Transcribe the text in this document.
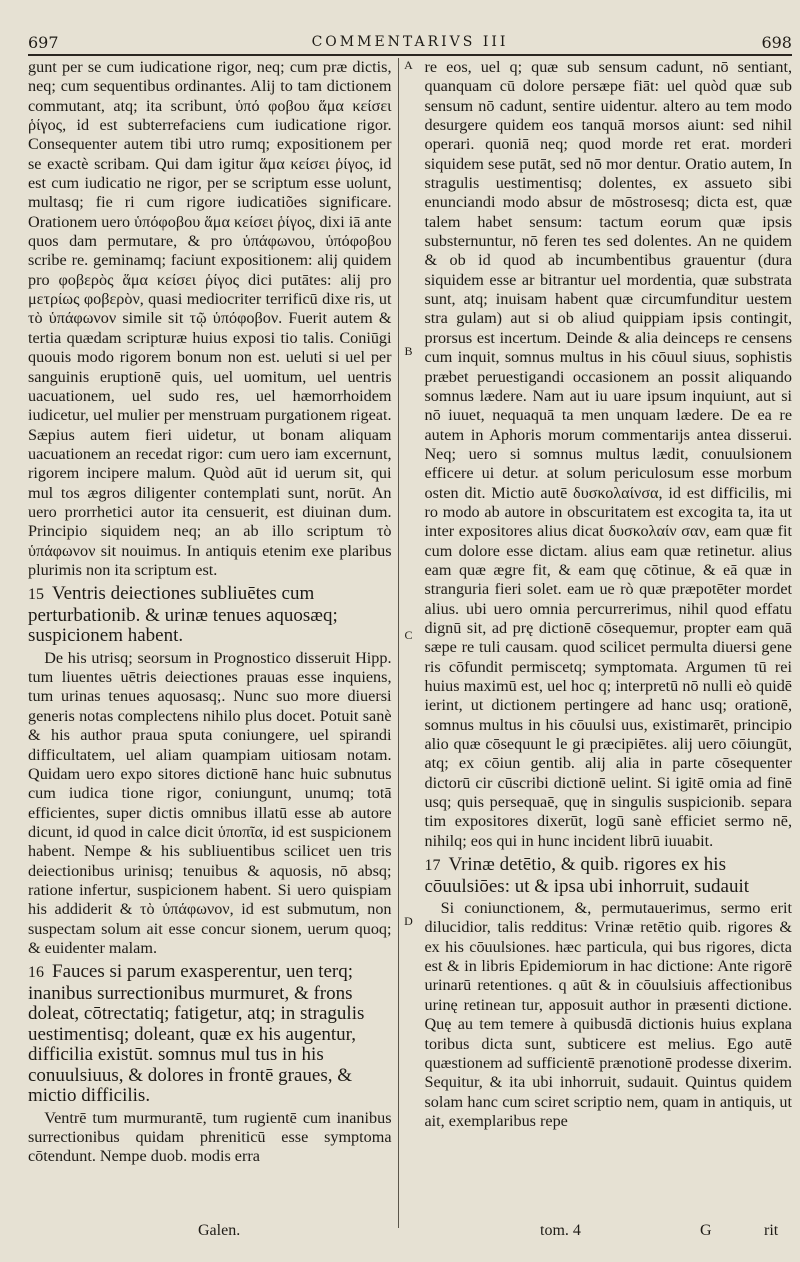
697	COMMENTARIVS III	698

gunt per se cum iudicatione rigor, neq; cum præ dictis, neq; cum sequentibus ordinantes. Alij to tam dictionem commutant, atq; ita scribunt, ὑπό φοβου ἅμα κείσει ῥίγος, id est subterrefaciens cum iudicatione rigor. Consequenter autem tibi utro rumq; expositionem per se exactè scribam. Qui dam igitur ἅμα κείσει ῥίγος, id est cum iudicatio ne rigor, per se scriptum esse uolunt, multasq; fie ri cum rigore iudicatiões significare. Orationem uero ὑπόφοβου ἅμα κείσει ῥίγος, dixi iā ante quos dam permutare, & pro ὑπάφωνου, ὑπόφοβου scribe re. geminamq; faciunt expositionem: alij quidem pro φοβερὸς ἅμα κείσει ῥίγος dici putātes: alij pro μετρίως φοβερὸν, quasi mediocriter terrificū dixe ris, ut τὸ ὑπάφωνον simile sit τῷ ὑπόφοβον. Fuerit autem & tertia quædam scripturæ huius exposi tio talis. Coniūgi quouis modo rigorem bonum non est. ueluti si uel per sanguinis eruptionē quis, uel uomitum, uel uentris uacuationem, uel sudo res, uel hæmorrhoidem iudicetur, uel mulier per menstruam purgationem rigeat. Sæpius autem fieri uidetur, ut bonam aliquam uacuationem an recedat rigor: cum uero iam excernunt, rigorem incipere malum. Quòd aūt id uerum sit, qui mul tos ægros diligenter contemplati sunt, norūt. An uero prorrhetici autor ita censuerit, est diuinan dum. Principio siquidem neq; an ab illo scriptum τὸ ὑπάφωνον sit nouimus. In antiquis etenim exe plaribus plurimis non ita scriptum est.

15 Ventris deiectiones subliuētes cum perturbationib. & urinæ tenues aquosæq; suspicionem habent.

De his utrisq; seorsum in Prognostico disseruit Hipp. tum liuentes uētris deiectiones prauas esse inquiens, tum urinas tenues aquosasq;. Nunc suo more diuersi generis notas complectens nihilo plus docet. Potuit sanè & his author praua sputa coniungere, uel spirandi difficultatem, uel aliam quampiam uitiosam notam. Quidam uero expo sitores dictionē hanc huic subnutus cum iudica tione rigor, coniungunt, unumq; totā efficientes, super dictis omnibus illatū esse ab autore dicunt, id quod in calce dicit ὑποπῖα, id est suspicionem habent. Nempe & his subliuentibus scilicet uen tris deiectionibus urinisq; tenuibus & aquosis, nō absq; ratione infertur, suspicionem habent. Si uero quispiam his addiderit & τὸ ὑπάφωνον, id est submutum, non suspectam solum ait esse concur sionem, uerum quoq; & euidenter malam.

16 Fauces si parum exasperentur, uen terq; inanibus surrectionibus murmuret, & frons doleat, cōtrectatiq; fatigetur, atq; in stragulis uestimentisq; doleant, quæ ex his augentur, difficilia existūt. somnus mul tus in his conuulsiuus, & dolores in frontē graues, & mictio difficilis.

Ventrē tum murmurantē, tum rugientē cum inanibus surrectionibus quidam phreniticū esse symptoma cōtendunt. Nempe duob. modis erra

A
B
C
D

re eos, uel q; quæ sub sensum cadunt, nō sentiant, quanquam cū dolore persæpe fiāt: uel quòd quæ sub sensum nō cadunt, sentire uidentur. altero au tem modo desurgere quidem eos tanquā morsos aiunt: sed nihil operari. quoniā neq; quod morde ret erat. morderi siquidem sese putāt, sed nō mor dentur. Oratio autem, In stragulis uestimentisq; dolentes, ex assueto sibi enunciandi modo absur de mōstrosesq; dicta est, quæ talem habet sensum: tactum eorum quæ ipsis substernuntur, nō feren tes sed dolentes. An ne quidem & ob id quod ab incumbentibus grauentur (dura siquidem esse ar bitrantur uel mordentia, quæ substrata sunt, atq; inuisam habent quæ circumfunditur uestem stra gulam) aut si ob aliud quippiam ipsis contingit, prorsus est incertum. Deinde & alia deinceps re censens cum inquit, somnus multus in his cōuul siuus, sophistis præbet peruestigandi occasionem an possit aliquando somnus lædere. Nam aut iu uare ipsum inquiunt, aut si nō iuuet, nequaquā ta men unquam lædere. De ea re autem in Aphoris morum commentarijs antea disserui. Neq; uero si somnus multus lædit, conuulsionem efficere ui detur. at solum periculosum esse morbum osten dit. Mictio autē δυσκολαίνσα, id est difficilis, mi ro modo ab autore in obscuritatem est excogita ta, ita ut inter expositores alius dicat δυσκολαίν σαν, eam quæ fit cum dolore esse dictam. alius eam quæ retinetur. alius eam quæ ægre fit, & eam quę cōtinue, & eā quæ in stranguria fieri solet. eam ue rò quæ præpotēter mordet alius. ubi uero omnia percurrerimus, nihil quod effatu dignū sit, ad prę dictionē cōsequemur, propter eam quā sæpe re tuli causam. quod scilicet permulta diuersi gene ris cōfundit permiscetq; symptomata. Argumen tū rei huius maximū est, uel hoc q; interpretū nō nulli eò quidē ierint, ut dictionem pertingere ad hanc usq; orationē, somnus multus in his cōuulsi uus, existimarēt, principio alio quæ cōsequunt le gi præcipiētes. alij uero cōiungūt, atq; ex cōiun gentib. alij alia in parte cōsequenter dictorū cir cūscribi dictionē uelint. Si igitē omia ad finē usq; quis persequaē, quę in singulis suspicionib. separa tim expositores dixerūt, logū sanè efficiet sermo nē, nihilq; eos qui in hunc incident librū iuuabit.

17 Vrinæ detētio, & quib. rigores ex his cōuulsiōes: ut & ipsa ubi inhorruit, sudauit

Si coniunctionem, &, permutauerimus, sermo erit dilucidior, talis redditus: Vrinæ retētio quib. rigores & ex his cōuulsiones. hæc particula, qui bus rigores, dicta est & in libris Epidemiorum in hac dictione: Ante rigorē urinarū retentiones. q aūt & in cōuulsiuis affectionibus urinę retinean tur, apposuit author in præsenti dictione. Quę au tem temere à quibusdā dictionis huius explana toribus dicta sunt, subticere est melius. Ego autē quæstionem ad sufficientē prænotionē prodesse dixerim. Sequitur, & ita ubi inhorruit, sudauit. Quintus quidem solam hanc cum sciret scriptio nem, quam in antiquis, ut ait, exemplaribus repe

Galen.	tom. 4	G	rit
